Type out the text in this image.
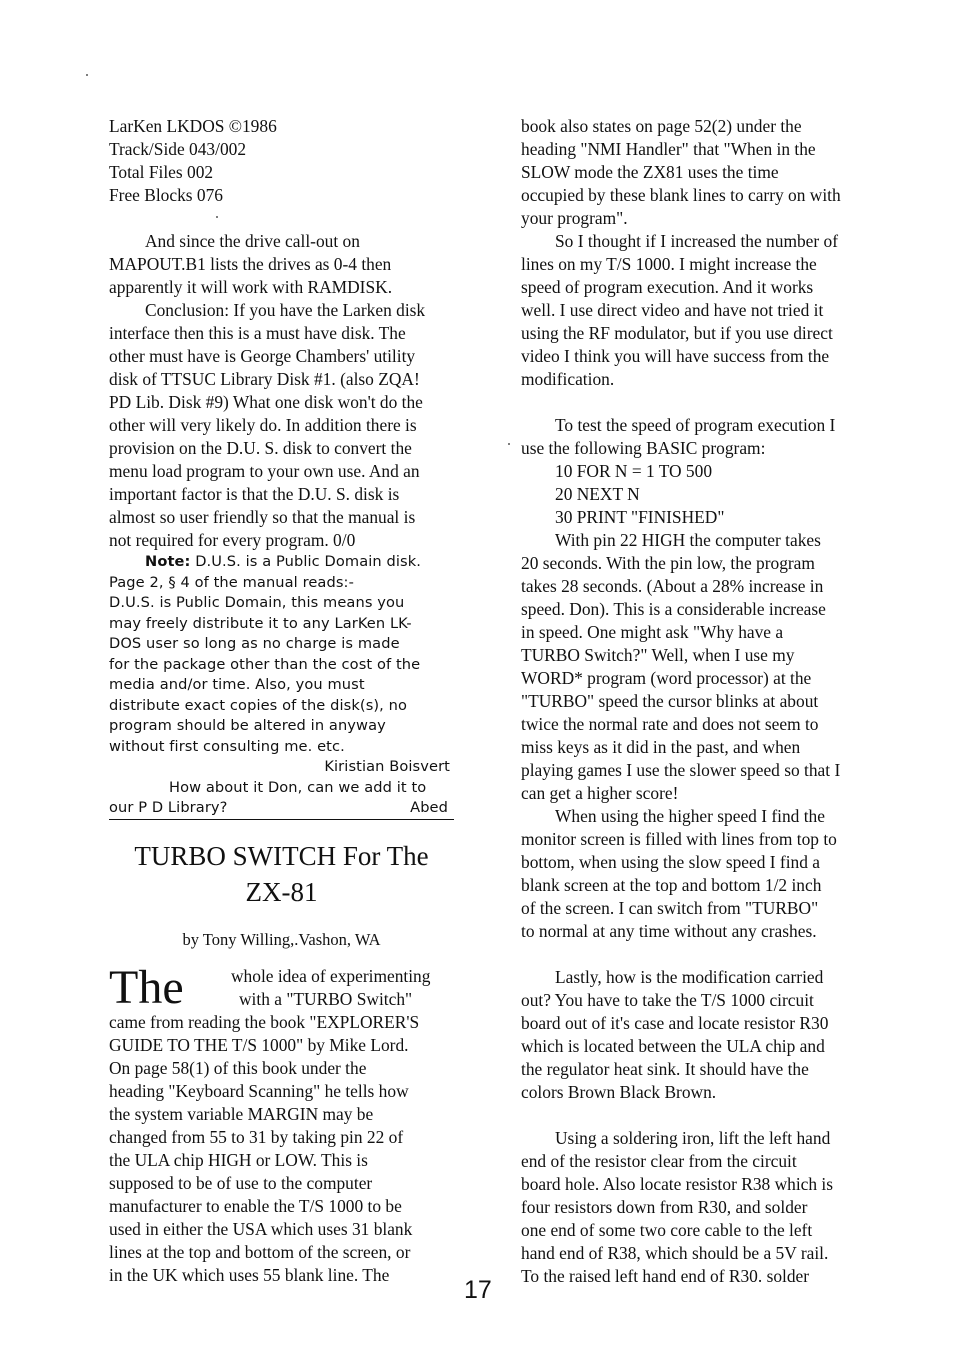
LarKen LKDOS ©1986
Track/Side 043/002
Total Files 002
Free Blocks 076
And since the drive call-out on
MAPOUT.B1 lists the drives as 0-4 then
apparently it will work with RAMDISK.
Conclusion: If you have the Larken disk
interface then this is a must have disk. The
other must have is George Chambers' utility
disk of TTSUC Library Disk #1. (also ZQA!
PD Lib. Disk #9) What one disk won't do the
other will very likely do. In addition there is
provision on the D.U. S. disk to convert the
menu load program to your own use. And an
important factor is that the D.U. S. disk is
almost so user friendly so that the manual is
not required for every program. 0/0
Note: D.U.S. is a Public Domain disk.
Page 2, § 4 of the manual reads:-
D.U.S. is Public Domain, this means you
may freely distribute it to any LarKen LK-
DOS user so long as no charge is made
for the package other than the cost of the
media and/or time. Also, you must
distribute exact copies of the disk(s), no
program should be altered in anyway
without first consulting me. etc.
Kiristian Boisvert
How about it Don, can we add it to
our P D Library?	Abed
TURBO SWITCH For The
ZX-81
by Tony Willing,.Vashon, WA
The	whole idea of experimenting
with a "TURBO Switch"
came from reading the book "EXPLORER'S
GUIDE TO THE T/S 1000" by Mike Lord.
On page 58(1) of this book under the
heading "Keyboard Scanning" he tells how
the system variable MARGIN may be
changed from 55 to 31 by taking pin 22 of
the ULA chip HIGH or LOW. This is
supposed to be of use to the computer
manufacturer to enable the T/S 1000 to be
used in either the USA which uses 31 blank
lines at the top and bottom of the screen, or
in the UK which uses 55 blank line. The
book also states on page 52(2) under the
heading "NMI Handler" that "When in the
SLOW mode the ZX81 uses the time
occupied by these blank lines to carry on with
your program".
So I thought if I increased the number of
lines on my T/S 1000. I might increase the
speed of program execution. And it works
well. I use direct video and have not tried it
using the RF modulator, but if you use direct
video I think you will have success from the
modification.
To test the speed of program execution I
use the following BASIC program:
10 FOR N = 1 TO 500
20 NEXT N
30 PRINT "FINISHED"
With pin 22 HIGH the computer takes
20 seconds. With the pin low, the program
takes 28 seconds. (About a 28% increase in
speed. Don). This is a considerable increase
in speed. One might ask "Why have a
TURBO Switch?" Well, when I use my
WORD* program (word processor) at the
"TURBO" speed the cursor blinks at about
twice the normal rate and does not seem to
miss keys as it did in the past, and when
playing games I use the slower speed so that I
can get a higher score!
When using the higher speed I find the
monitor screen is filled with lines from top to
bottom, when using the slow speed I find a
blank screen at the top and bottom 1/2 inch
of the screen. I can switch from "TURBO"
to normal at any time without any crashes.
Lastly, how is the modification carried
out? You have to take the T/S 1000 circuit
board out of it's case and locate resistor R30
which is located between the ULA chip and
the regulator heat sink. It should have the
colors Brown Black Brown.
Using a soldering iron, lift the left hand
end of the resistor clear from the circuit
board hole. Also locate resistor R38 which is
four resistors down from R30, and solder
one end of some two core cable to the left
hand end of R38, which should be a 5V rail.
To the raised left hand end of R30. solder
17
